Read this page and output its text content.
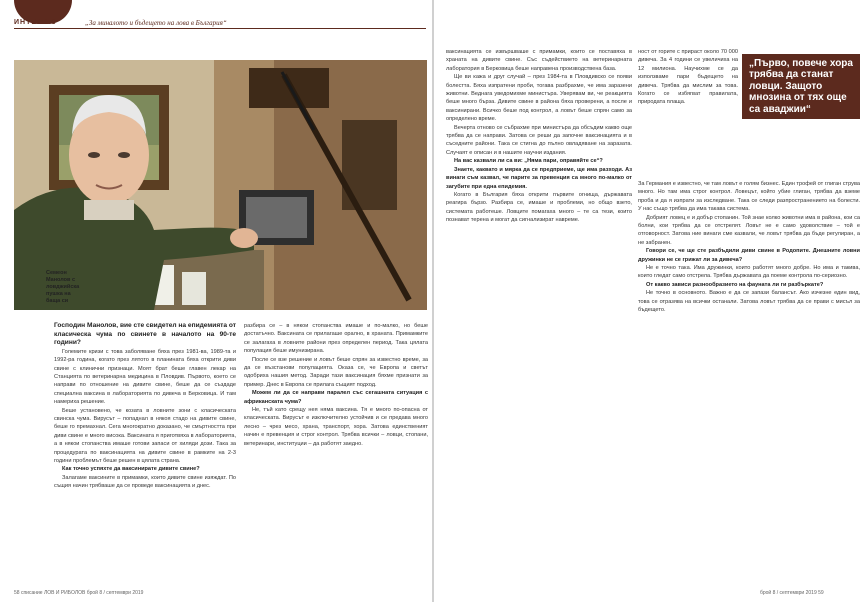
ИНТЕРВЮ	„За миналото и бъдещето на лова в България“
Семеон Манолов с ловджийска пушка на баща си

Господин Манолов, вие сте свидетел на епидемията от класическа чума по свинете в началото на 90-те години?

Големите кризи с това заболяване бяха през 1981-ва, 1989-та и 1992-ра година, когато през лятото в планината бяха открити диви свине с клинични признаци. Моят брат беше главен лекар на Станцията по ветеринарна медицина в Пловдив. Първото, което се направи по отношение на дивите свине, беше да се създаде специална ваксина в лабораторията по дивеча в Берковица. И там намериха решение.

Беше установено, че козата в ловните зони с класическата свинска чума. Вирусът – попаднал в някоя стадо на дивите свине, беше го премахнал. Сега многократно доказано, че смъртността при диви свине е много висока. Ваксината я приготвяха в лабораторията, а в някои стопанства имаше готови запаси от хиляди дози. Така за процедурата по ваксинацията на дивите свине в рамките на 2-3 години проблемът беше решен в цялата страна.

Как точно успяхте да ваксинирате дивите свине?

Залагаме ваксините в примамки, които дивите свине изяждат. По същия начин трябваше да се проведе ваксинацията и днес.

разбира се – в някои стопанства имаше и по-малко, но беше достатъчно. Ваксината се прилагаше орално, в храната. Примамките се залагаха в ловните райони през определен период. Така цялата популация беше имунизирана.

После се взе решение и ловът беше спрян за известно време, за да се възстанови популацията. Оказа се, че Европа и светът одобриха нашия метод. Заради тази ваксинация бяхме признати за пример. Днес в Европа се прилага същият подход.

Можем ли да се направи паралел със сегашната ситуация с африканската чума?

Не, тъй като срещу нея няма ваксина. Тя е много по-опасна от класическата. Вирусът е изключително устойчив и се предава много лесно – чрез месо, храна, транспорт, хора. Затова единственият начин е превенция и строг контрол. Трябва всички – ловци, стопани, ветеринари, институции – да работят заедно.

ваксинацията се извършваше с примамки, които се поставяха в храната на дивите свине. Със съдействието на ветеринарната лаборатория в Берковица беше направена производствена база.

Ще ви кажа и друг случай – през 1984-та в Пловдивско се появи болестта. Бяха изпратени проби, тогава разбрахме, че има заразени животни. Веднага уведомихме министъра. Уверявам ви, че реакцията беше много бърза. Дивите свине в района бяха проверени, а после и ваксинирани. Всичко беше под контрол, а ловът беше спрян само за определено време.

Вечерта отново се събрахме при министъра да обсъдим какво още трябва да се направи. Затова се реши да започне ваксинацията и в съседните райони. Така се стигна до пълно овладяване на заразата. Случаят е описан и в нашите научни издания.

На вас казвали ли са ви: „Няма пари, оправяйте се“?

Знаете, каквато и мярка да се предприеме, ще има разходи. Аз винаги съм казвал, че парите за превенция са много по-малко от загубите при една епидемия.

Когато в България бяха открити първите огнища, държавата реагира бързо. Разбира се, имаше и проблеми, но общо взето, системата работеше. Ловците помагаха много – те са тези, които познават терена и могат да сигнализират навреме.

„Първо, повече хора трябва да станат ловци. Защото мнозина от тях още са аваджии“

ност от горите с прираст около 70 000 дивеча. За 4 години се увеличиха на 12 милиона. Научихме се да използваме пари бъдещето на дивеча. Трябва да мислим за това. Когато се избягват правилата, природата плаща.

За Германия е известно, че там ловът е голям бизнес. Един трофей от глиган струва много. Но там има строг контрол. Ловецът, който убие глиган, трябва да вземе проба и да я изпрати за изследване. Така се следи разпространението на болести. У нас също трябва да има такава система.

Добрият ловец е и добър стопанин. Той знае колко животни има в района, кои са болни, кои трябва да се отстрелят. Ловът не е само удоволствие – той е отговорност. Затова ние винаги сме казвали, че ловът трябва да бъде регулиран, а не забранен.

Говори се, че ще сте разбъдили диви свине в Родопите. Днешните ловни дружинки не се грижат ли за дивеча?

Не е точно така. Има дружинки, които работят много добре. Но има и такива, които гледат само отстрела. Трябва държавата да поеме контрола по-сериозно.

От какво зависи разнообразието на фауната ли ги разбъркате?

Не точно в основното. Важно е да се запази балансът. Ако изчезне един вид, това се отразява на всички останали. Затова ловът трябва да се прави с мисъл за бъдещето.

58 списание ЛОВ И РИБОЛОВ брой 8 / септември 2019	брой 8 / септември 2019 59
